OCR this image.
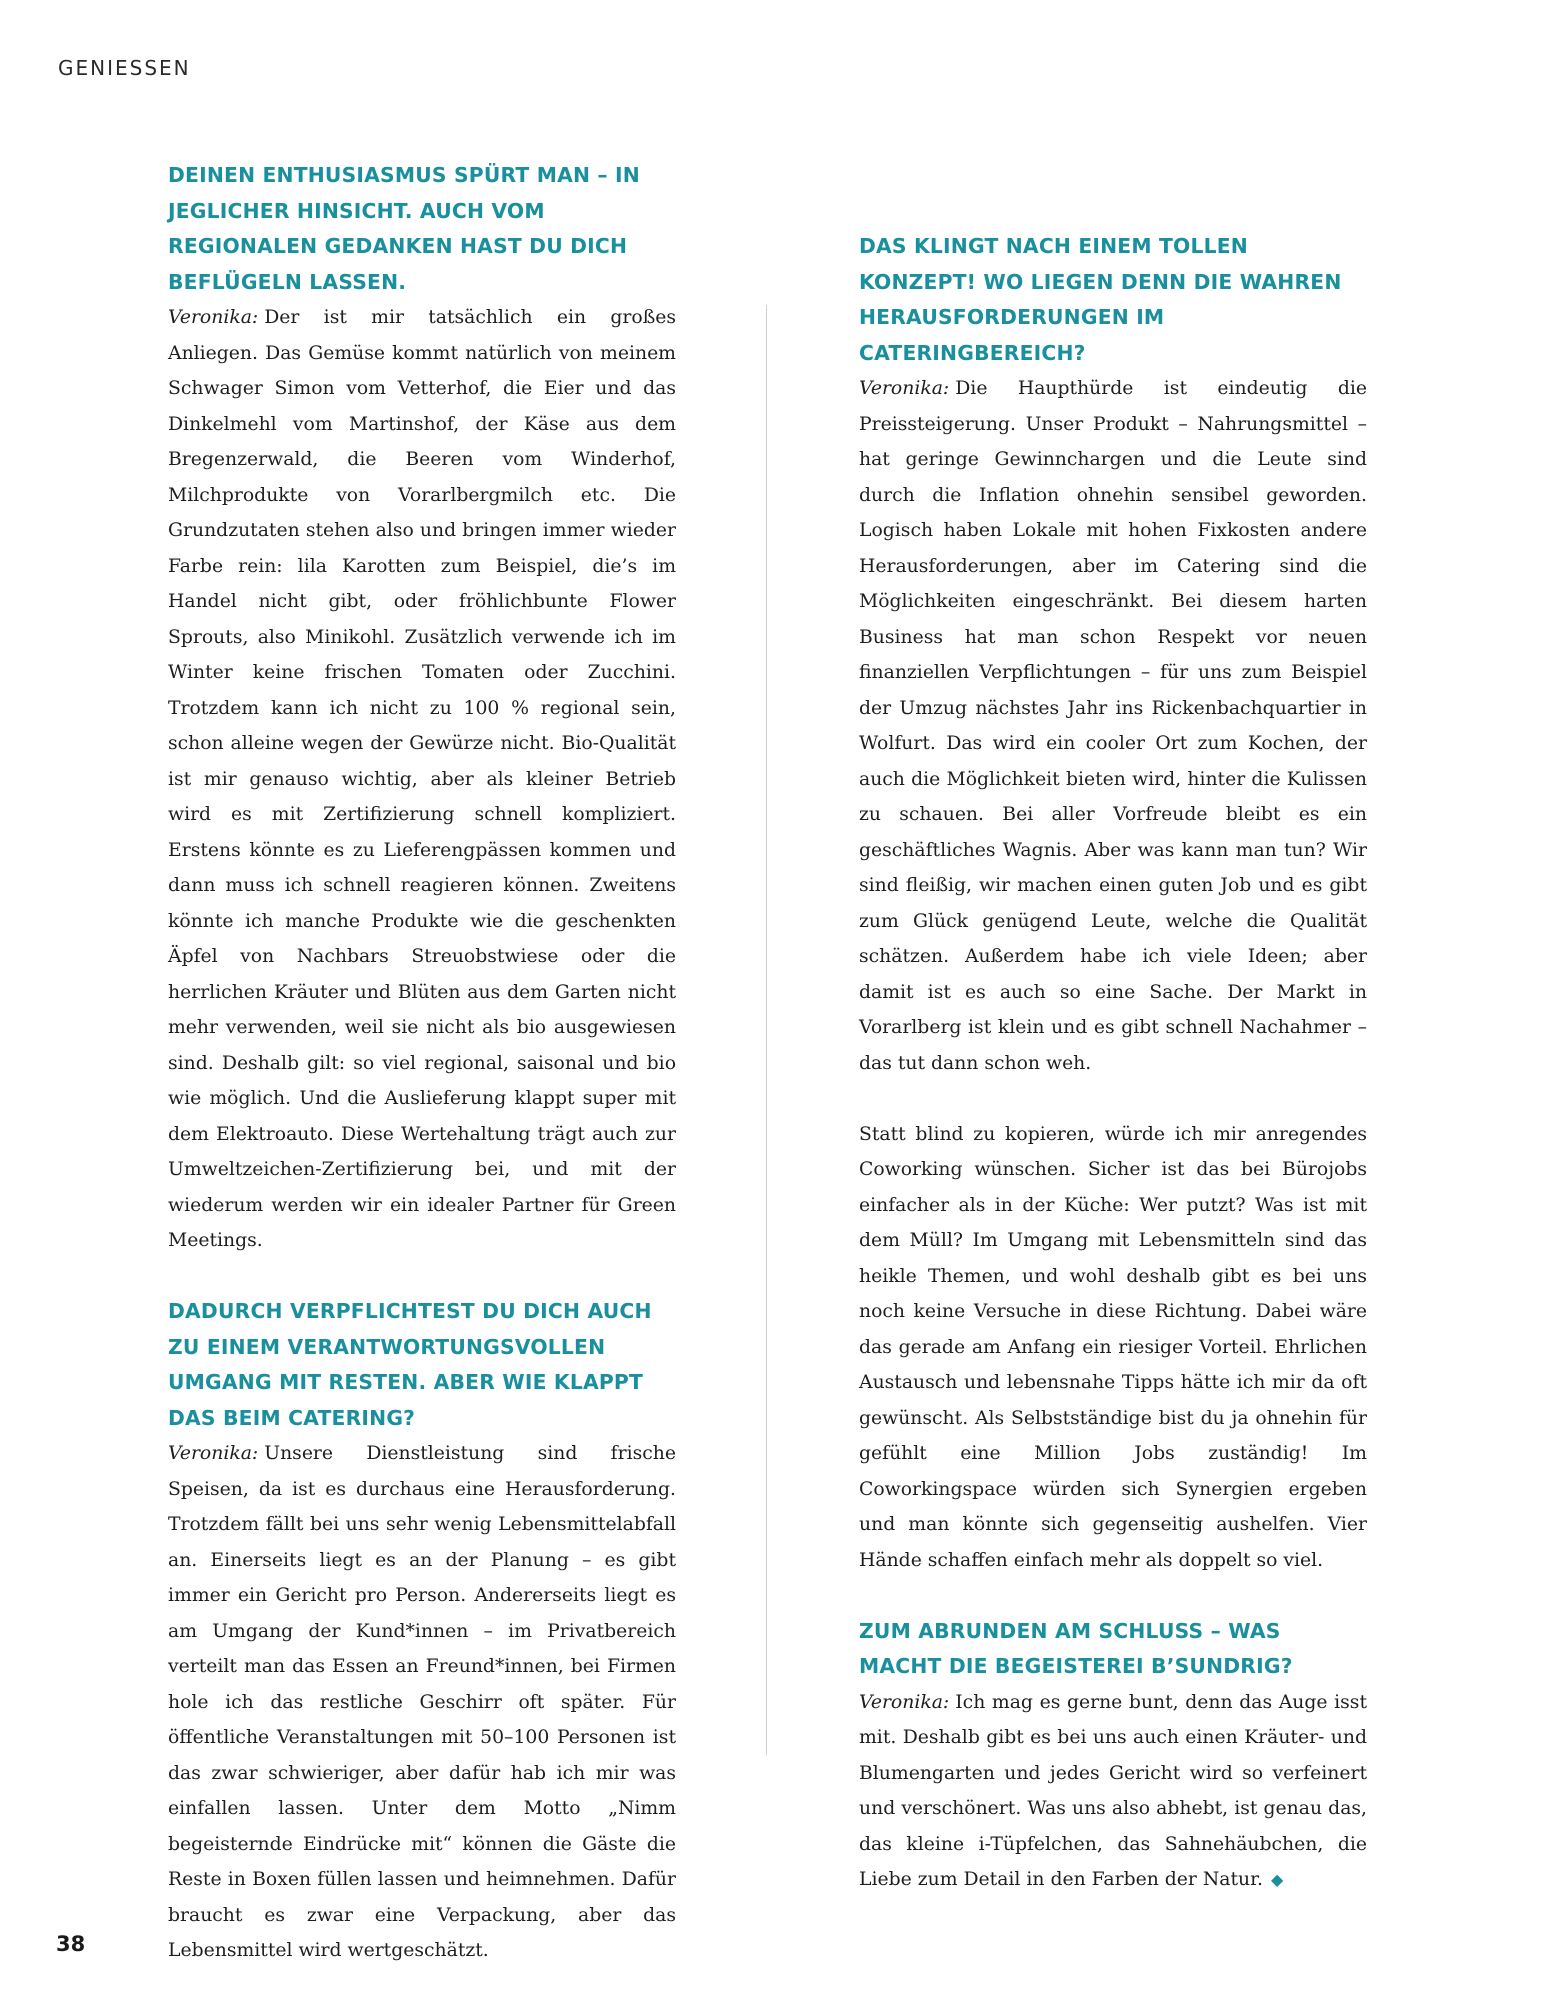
GENIESSEN
DEINEN ENTHUSIASMUS SPÜRT MAN – IN JEGLICHER HINSICHT. AUCH VOM REGIONALEN GEDANKEN HAST DU DICH BEFLÜGELN LASSEN.

Veronika: Der ist mir tatsächlich ein großes Anliegen. Das Gemüse kommt natürlich von meinem Schwager Simon vom Vetterhof, die Eier und das Dinkelmehl vom Martinshof, der Käse aus dem Bregenzerwald, die Beeren vom Winderhof, Milchprodukte von Vorarlbergmilch etc. Die Grundzutaten stehen also und bringen immer wieder Farbe rein: lila Karotten zum Beispiel, die’s im Handel nicht gibt, oder fröhlichbunte Flower Sprouts, also Minikohl. Zusätzlich verwende ich im Winter keine frischen Tomaten oder Zucchini. Trotzdem kann ich nicht zu 100 % regional sein, schon alleine wegen der Gewürze nicht. Bio-Qualität ist mir genauso wichtig, aber als kleiner Betrieb wird es mit Zertifizierung schnell kompliziert. Erstens könnte es zu Lieferengpässen kommen und dann muss ich schnell reagieren können. Zweitens könnte ich manche Produkte wie die geschenkten Äpfel von Nachbars Streuobstwiese oder die herrlichen Kräuter und Blüten aus dem Garten nicht mehr verwenden, weil sie nicht als bio ausgewiesen sind. Deshalb gilt: so viel regional, saisonal und bio wie möglich. Und die Auslieferung klappt super mit dem Elektroauto. Diese Wertehaltung trägt auch zur Umweltzeichen-Zertifizierung bei, und mit der wiederum werden wir ein idealer Partner für Green Meetings.

DADURCH VERPFLICHTEST DU DICH AUCH ZU EINEM VERANTWORTUNGSVOLLEN UMGANG MIT RESTEN. ABER WIE KLAPPT DAS BEIM CATERING?

Veronika: Unsere Dienstleistung sind frische Speisen, da ist es durchaus eine Herausforderung. Trotzdem fällt bei uns sehr wenig Lebensmittelabfall an. Einerseits liegt es an der Planung – es gibt immer ein Gericht pro Person. Andererseits liegt es am Umgang der Kund*innen – im Privatbereich verteilt man das Essen an Freund*innen, bei Firmen hole ich das restliche Geschirr oft später. Für öffentliche Veranstaltungen mit 50–100 Personen ist das zwar schwieriger, aber dafür hab ich mir was einfallen lassen. Unter dem Motto „Nimm begeisternde Eindrücke mit“ können die Gäste die Reste in Boxen füllen lassen und heimnehmen. Dafür braucht es zwar eine Verpackung, aber das Lebensmittel wird wertgeschätzt.

DAS KLINGT NACH EINEM TOLLEN KONZEPT! WO LIEGEN DENN DIE WAHREN HERAUSFORDERUNGEN IM CATERINGBEREICH?

Veronika: Die Haupthürde ist eindeutig die Preissteigerung. Unser Produkt – Nahrungsmittel – hat geringe Gewinnchargen und die Leute sind durch die Inflation ohnehin sensibel geworden. Logisch haben Lokale mit hohen Fixkosten andere Herausforderungen, aber im Catering sind die Möglichkeiten eingeschränkt. Bei diesem harten Business hat man schon Respekt vor neuen finanziellen Verpflichtungen – für uns zum Beispiel der Umzug nächstes Jahr ins Rickenbachquartier in Wolfurt. Das wird ein cooler Ort zum Kochen, der auch die Möglichkeit bieten wird, hinter die Kulissen zu schauen. Bei aller Vorfreude bleibt es ein geschäftliches Wagnis. Aber was kann man tun? Wir sind fleißig, wir machen einen guten Job und es gibt zum Glück genügend Leute, welche die Qualität schätzen. Außerdem habe ich viele Ideen; aber damit ist es auch so eine Sache. Der Markt in Vorarlberg ist klein und es gibt schnell Nachahmer – das tut dann schon weh.

Statt blind zu kopieren, würde ich mir anregendes Coworking wünschen. Sicher ist das bei Bürojobs einfacher als in der Küche: Wer putzt? Was ist mit dem Müll? Im Umgang mit Lebensmitteln sind das heikle Themen, und wohl deshalb gibt es bei uns noch keine Versuche in diese Richtung. Dabei wäre das gerade am Anfang ein riesiger Vorteil. Ehrlichen Austausch und lebensnahe Tipps hätte ich mir da oft gewünscht. Als Selbstständige bist du ja ohnehin für gefühlt eine Million Jobs zuständig! Im Coworkingspace würden sich Synergien ergeben und man könnte sich gegenseitig aushelfen. Vier Hände schaffen einfach mehr als doppelt so viel.

ZUM ABRUNDEN AM SCHLUSS – WAS MACHT DIE BEGEISTEREI B’SUNDRIG?

Veronika: Ich mag es gerne bunt, denn das Auge isst mit. Deshalb gibt es bei uns auch einen Kräuter- und Blumengarten und jedes Gericht wird so verfeinert und verschönert. Was uns also abhebt, ist genau das, das kleine i-Tüpfelchen, das Sahnehäubchen, die Liebe zum Detail in den Farben der Natur. ◆

38
